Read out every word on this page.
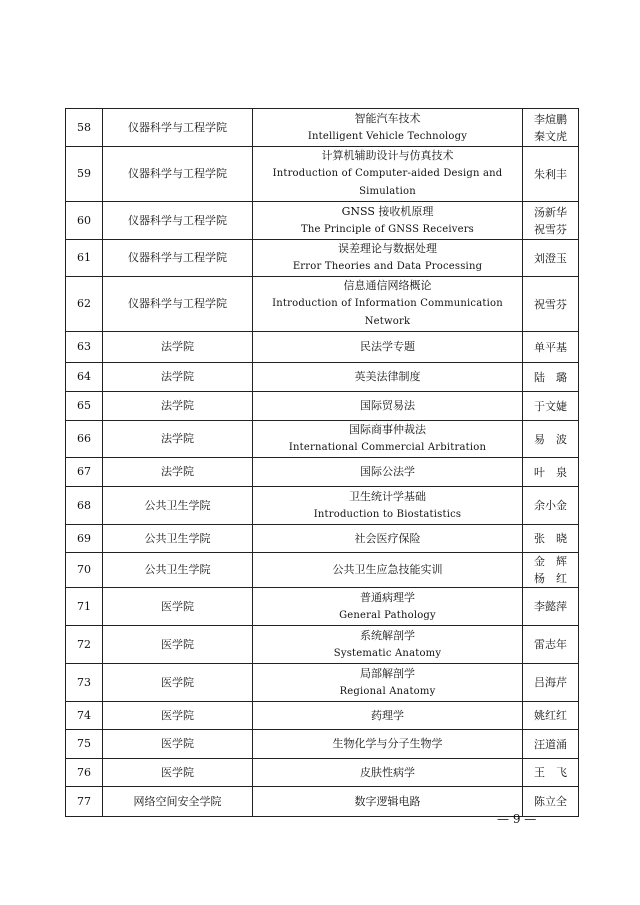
58	仪器科学与工程学院	智能汽车技术
Intelligent Vehicle Technology	李煊鹏
秦文虎

59	仪器科学与工程学院	计算机辅助设计与仿真技术
Introduction of Computer-aided Design and
Simulation	朱利丰

60	仪器科学与工程学院	GNSS 接收机原理
The Principle of GNSS Receivers	汤新华
祝雪芬

61	仪器科学与工程学院	误差理论与数据处理
Error Theories and Data Processing	刘澄玉

62	仪器科学与工程学院	信息通信网络概论
Introduction of Information Communication
Network	祝雪芬

63	法学院	民法学专题	单平基

64	法学院	英美法律制度	陆　璐

65	法学院	国际贸易法	于文婕

66	法学院	国际商事仲裁法
International Commercial Arbitration	易　波

67	法学院	国际公法学	叶　泉

68	公共卫生学院	卫生统计学基础
Introduction to Biostatistics	余小金

69	公共卫生学院	社会医疗保险	张　晓

70	公共卫生学院	公共卫生应急技能实训	金　辉
杨　红

71	医学院	普通病理学
General Pathology	李懿萍

72	医学院	系统解剖学
Systematic Anatomy	雷志年

73	医学院	局部解剖学
Regional Anatomy	吕海芹

74	医学院	药理学	姚红红

75	医学院	生物化学与分子生物学	汪道涌

76	医学院	皮肤性病学	王　飞

77	网络空间安全学院	数字逻辑电路	陈立全
— 9 —
